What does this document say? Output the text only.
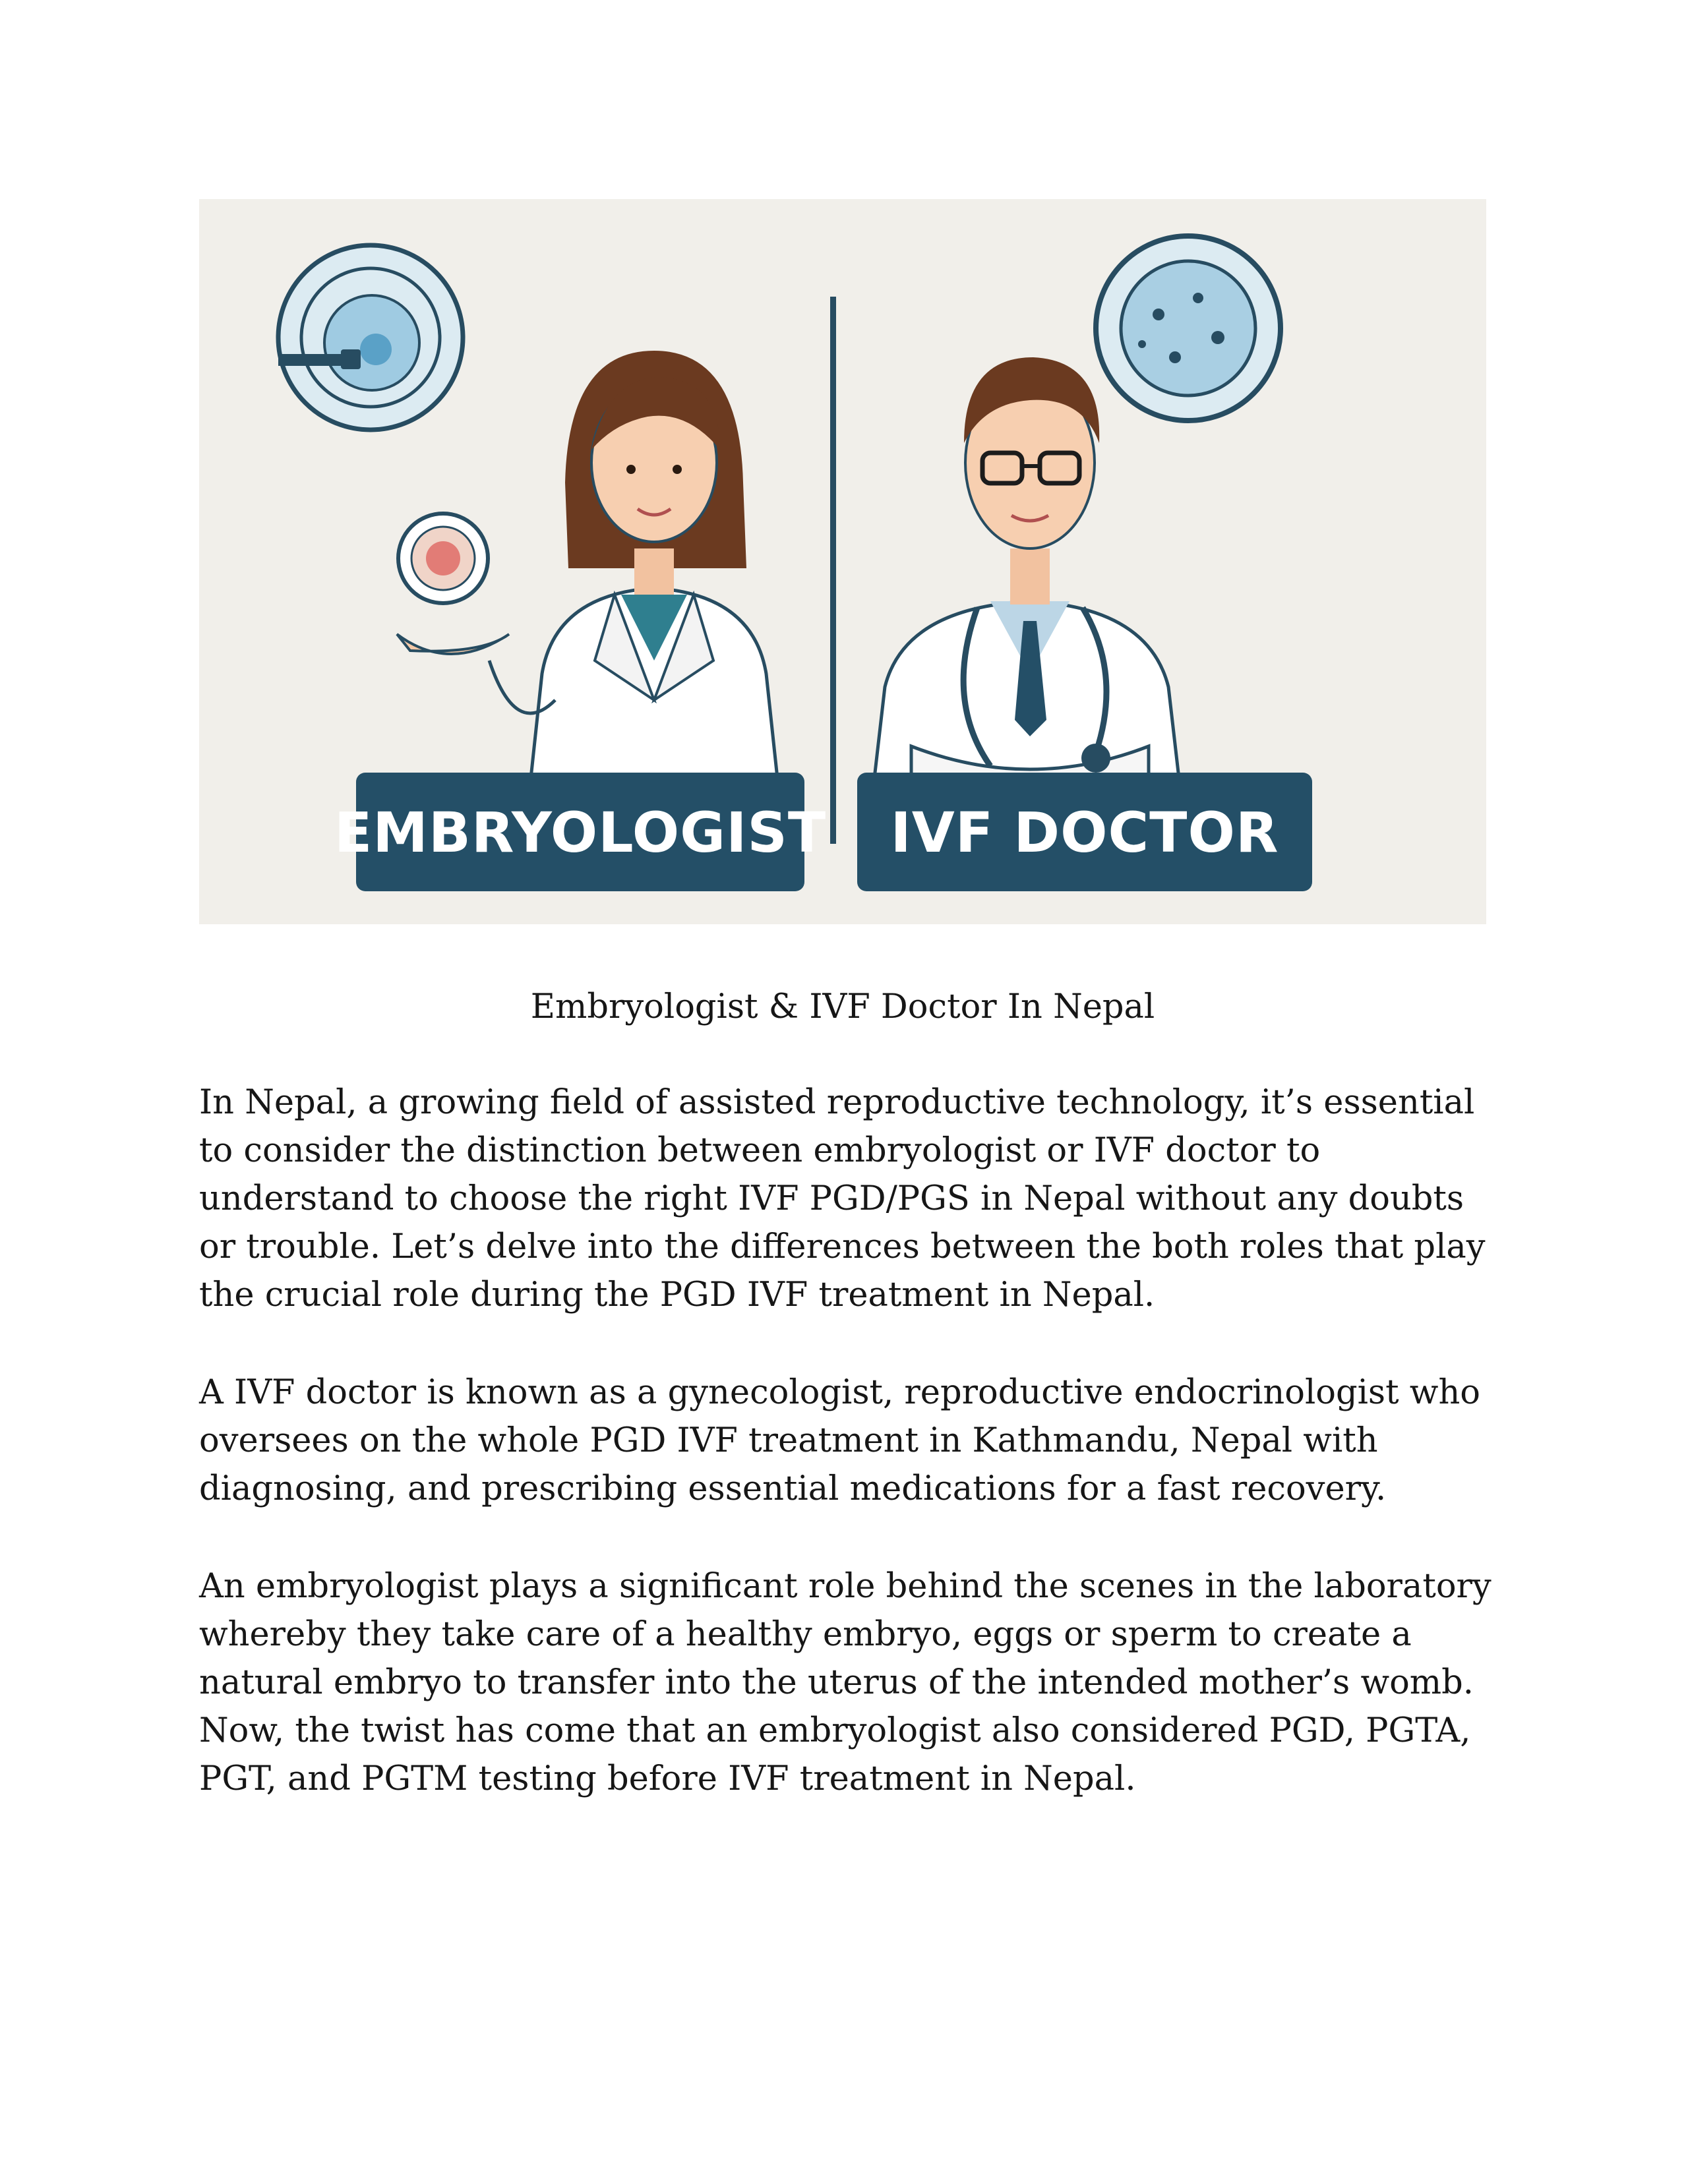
EMBRYOLOGIST IVF DOCTOR
Embryologist & IVF Doctor In Nepal

In Nepal, a growing field of assisted reproductive technology, it’s essential to consider the distinction between embryologist or IVF doctor to understand to choose the right IVF PGD/PGS in Nepal without any doubts or trouble. Let’s delve into the differences between the both roles that play the crucial role during the PGD IVF treatment in Nepal.

A IVF doctor is known as a gynecologist, reproductive endocrinologist who oversees on the whole PGD IVF treatment in Kathmandu, Nepal with diagnosing, and prescribing essential medications for a fast recovery.

An embryologist plays a significant role behind the scenes in the laboratory whereby they take care of a healthy embryo, eggs or sperm to create a natural embryo to transfer into the uterus of the intended mother’s womb. Now, the twist has come that an embryologist also considered PGD, PGTA, PGT, and PGTM testing before IVF treatment in Nepal.
